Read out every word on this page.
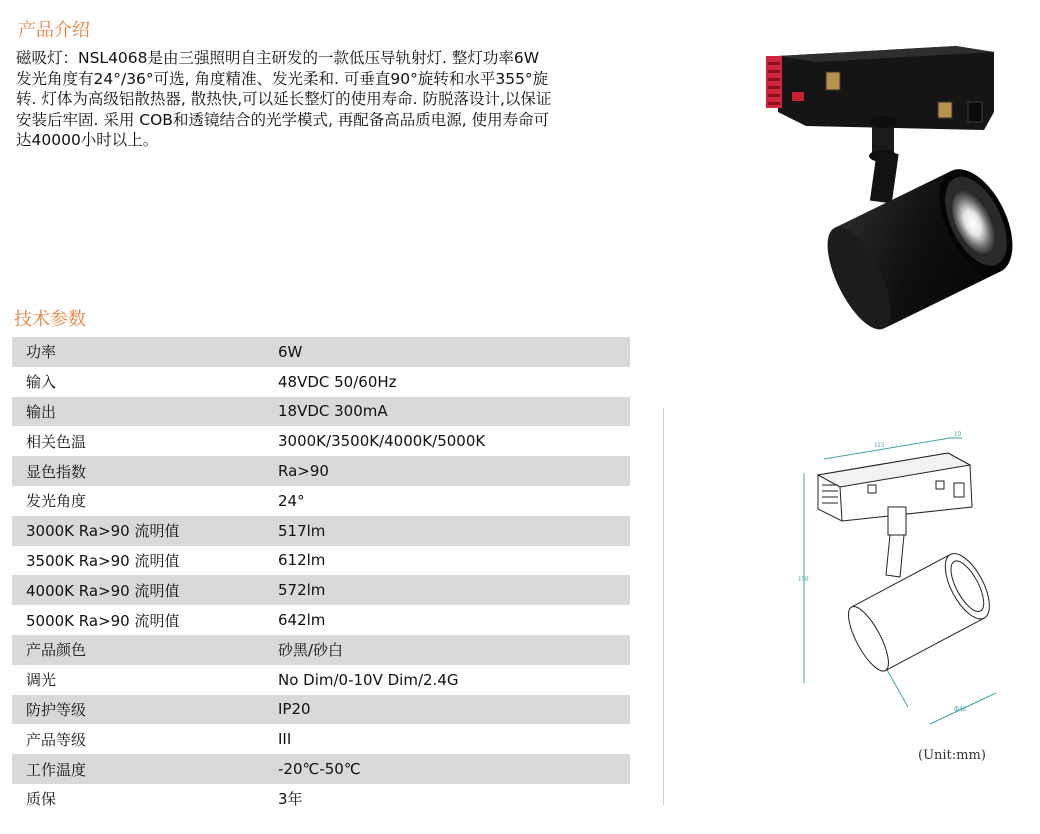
产品介绍
磁吸灯：NSL4068是由三强照明自主研发的一款低压导轨射灯. 整灯功率6W
发光角度有24°/36°可选, 角度精准、发光柔和. 可垂直90°旋转和水平355°旋
转. 灯体为高级铝散热器, 散热快,可以延长整灯的使用寿命. 防脱落设计,以保证
安装后牢固. 采用 COB和透镜结合的光学模式, 再配备高品质电源, 使用寿命可
达40000小时以上。
技术参数
功率	6W
输入	48VDC 50/60Hz
输出	18VDC 300mA
相关色温	3000K/3500K/4000K/5000K
显色指数	Ra>90
发光角度	24°
3000K Ra>90 流明值	517lm
3500K Ra>90 流明值	612lm
4000K Ra>90 流明值	572lm
5000K Ra>90 流明值	642lm
产品颜色	砂黑/砂白
调光	No Dim/0-10V Dim/2.4G
防护等级	IP20
产品等级	III
工作温度	-20℃-50℃
质保	3年
115
19
150
Φ42
(Unit:mm)
